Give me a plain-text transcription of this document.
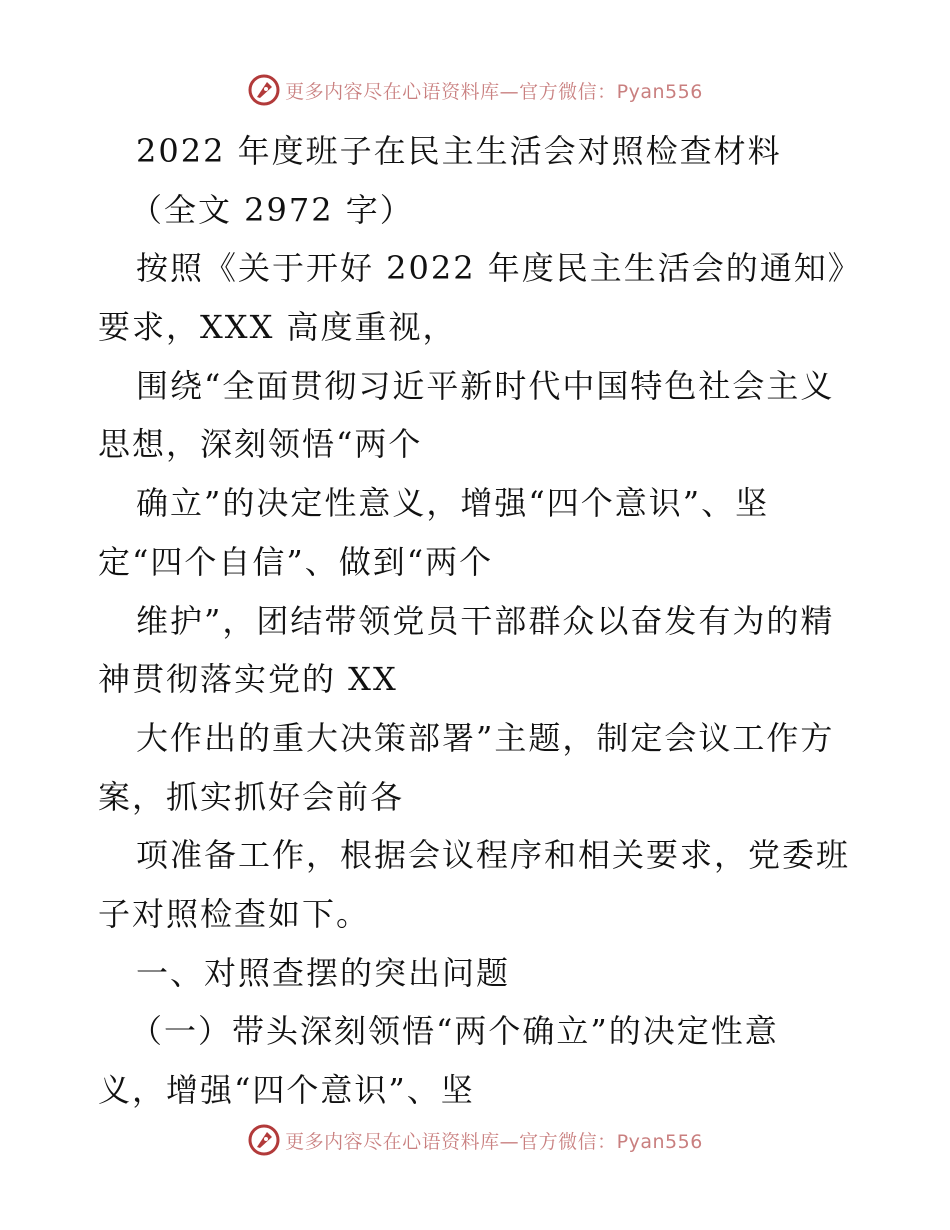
更多内容尽在心语资料库—官方微信：Pyan556
2022 年度班子在民主生活会对照检查材料
（全文 2972 字）
按照《关于开好 2022 年度民主生活会的通知》
要求，XXX 高度重视，
围绕“全面贯彻习近平新时代中国特色社会主义
思想，深刻领悟“两个
确立”的决定性意义，增强“四个意识”、坚
定“四个自信”、做到“两个
维护”，团结带领党员干部群众以奋发有为的精
神贯彻落实党的 XX
大作出的重大决策部署”主题，制定会议工作方
案，抓实抓好会前各
项准备工作，根据会议程序和相关要求，党委班
子对照检查如下。
一、对照查摆的突出问题
（一）带头深刻领悟“两个确立”的决定性意
义，增强“四个意识”、坚
更多内容尽在心语资料库—官方微信：Pyan556
